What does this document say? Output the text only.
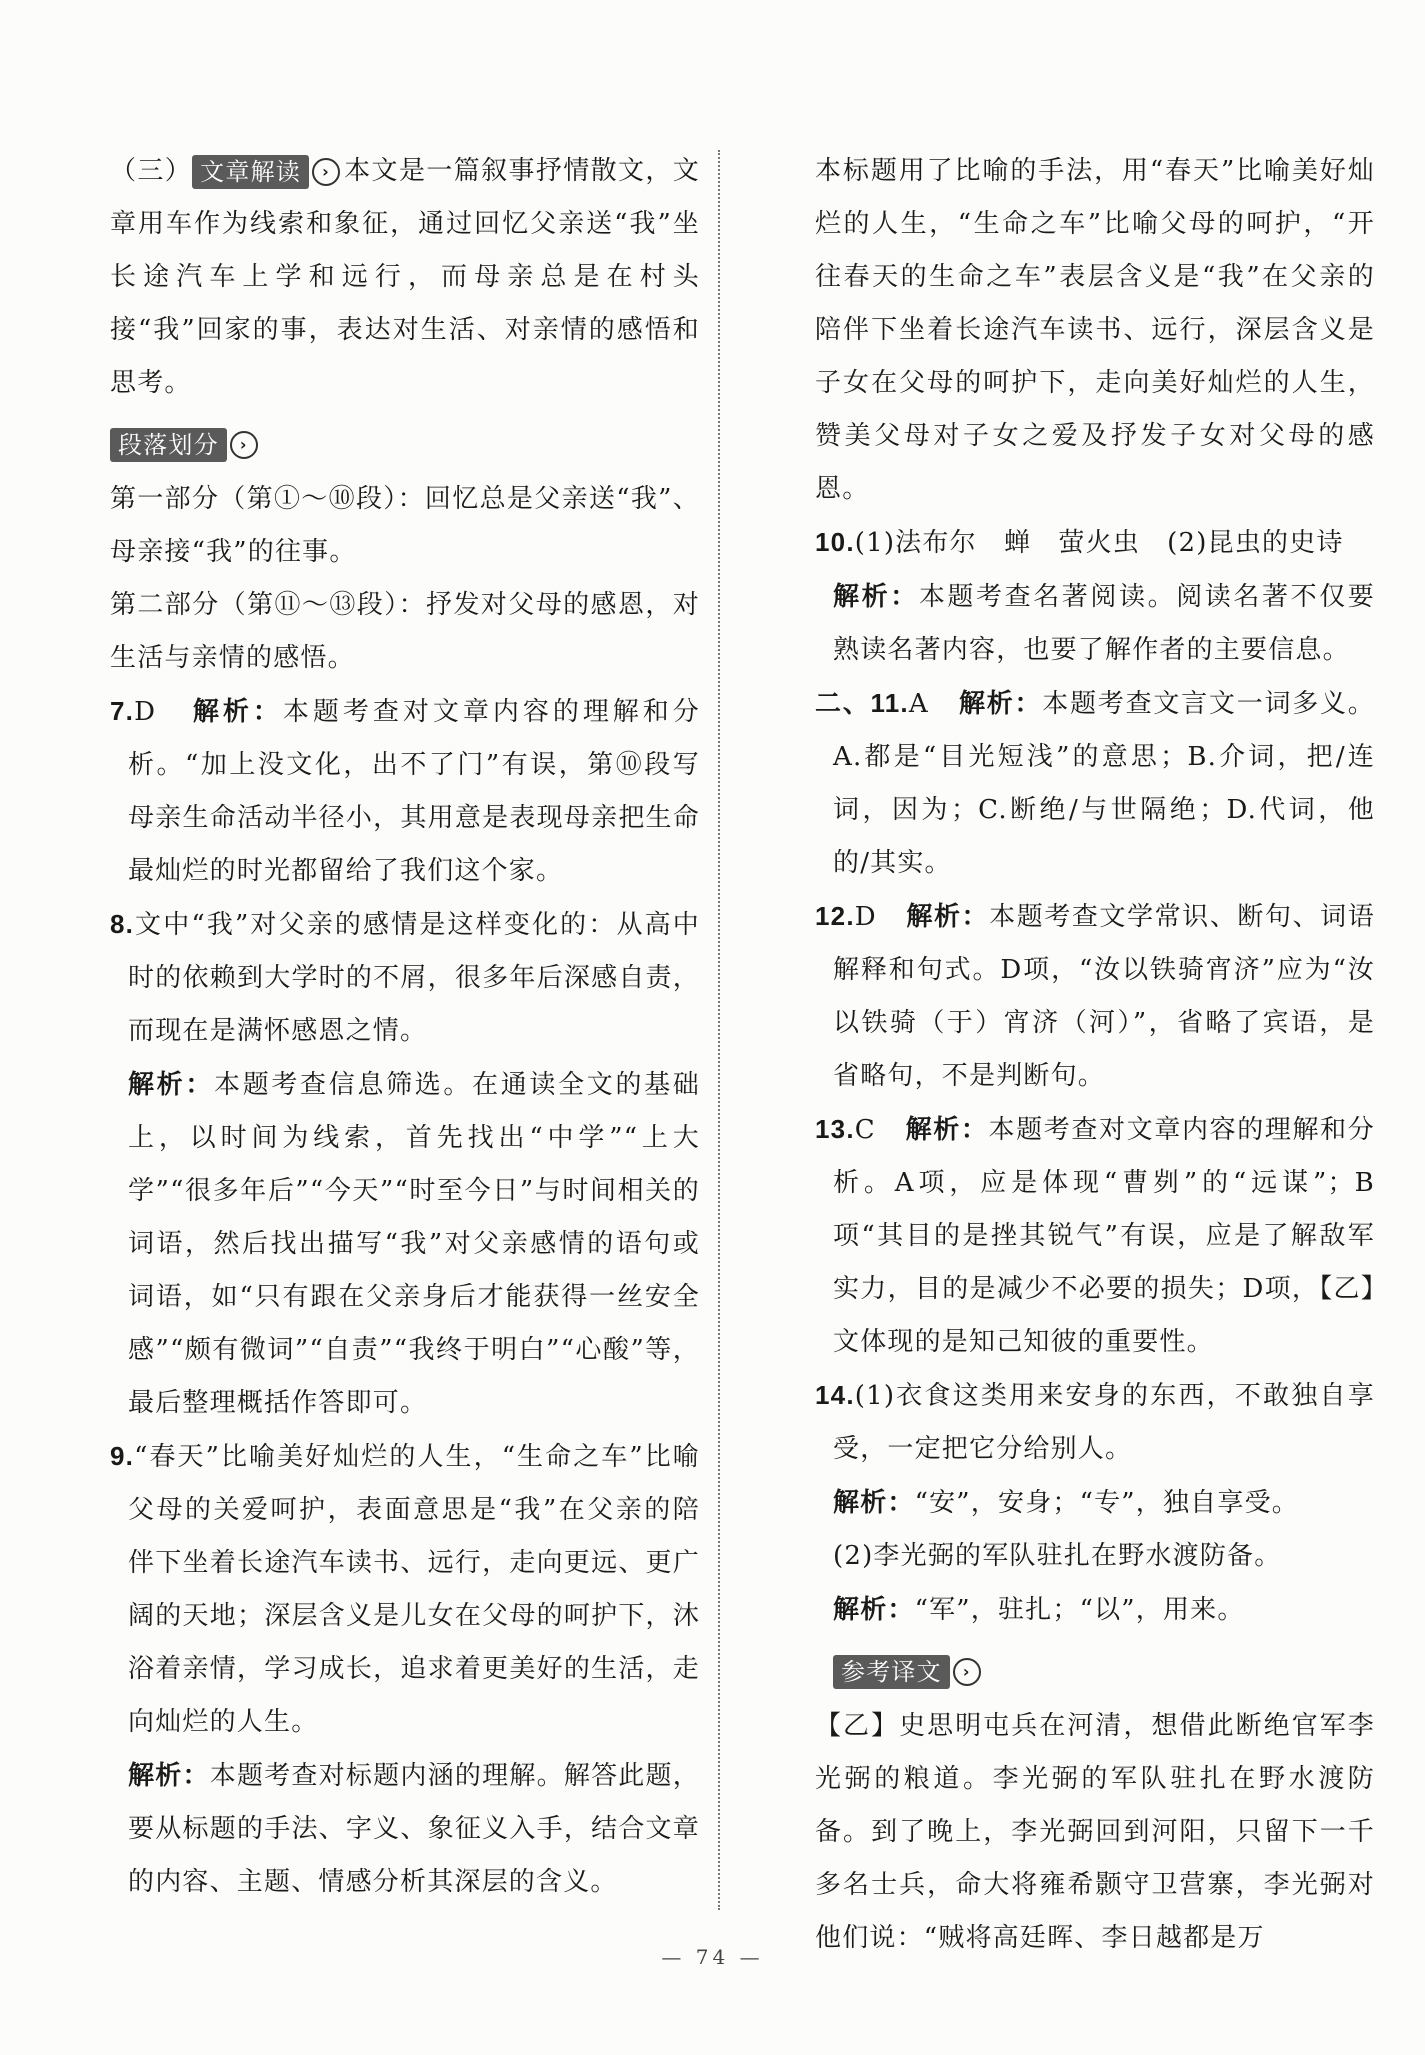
（三） 文章解读 › 本文是一篇叙事抒情散文，文章用车作为线索和象征，通过回忆父亲送“我”坐长途汽车上学和远行，而母亲总是在村头接“我”回家的事，表达对生活、对亲情的感悟和思考。

段落划分 ›

第一部分（第①～⑩段）：回忆总是父亲送“我”、母亲接“我”的往事。

第二部分（第⑪～⑬段）：抒发对父母的感恩，对生活与亲情的感悟。

7.D 解析：本题考查对文章内容的理解和分析。“加上没文化，出不了门”有误，第⑩段写母亲生命活动半径小，其用意是表现母亲把生命最灿烂的时光都留给了我们这个家。

8.文中“我”对父亲的感情是这样变化的：从高中时的依赖到大学时的不屑，很多年后深感自责，而现在是满怀感恩之情。

解析：本题考查信息筛选。在通读全文的基础上，以时间为线索，首先找出“中学”“上大学”“很多年后”“今天”“时至今日”与时间相关的词语，然后找出描写“我”对父亲感情的语句或词语，如“只有跟在父亲身后才能获得一丝安全感”“颇有微词”“自责”“我终于明白”“心酸”等，最后整理概括作答即可。

9.“春天”比喻美好灿烂的人生，“生命之车”比喻父母的关爱呵护，表面意思是“我”在父亲的陪伴下坐着长途汽车读书、远行，走向更远、更广阔的天地；深层含义是儿女在父母的呵护下，沐浴着亲情，学习成长，追求着更美好的生活，走向灿烂的人生。

解析：本题考查对标题内涵的理解。解答此题，要从标题的手法、字义、象征义入手，结合文章的内容、主题、情感分析其深层的含义。

本标题用了比喻的手法，用“春天”比喻美好灿烂的人生，“生命之车”比喻父母的呵护，“开往春天的生命之车”表层含义是“我”在父亲的陪伴下坐着长途汽车读书、远行，深层含义是子女在父母的呵护下，走向美好灿烂的人生，赞美父母对子女之爱及抒发子女对父母的感恩。

10.(1)法布尔　蝉　萤火虫　(2)昆虫的史诗

解析：本题考查名著阅读。阅读名著不仅要熟读名著内容，也要了解作者的主要信息。

二、11.A 解析：本题考查文言文一词多义。A.都是“目光短浅”的意思；B.介词，把/连词，因为；C.断绝/与世隔绝；D.代词，他的/其实。

12.D 解析：本题考查文学常识、断句、词语解释和句式。D项，“汝以铁骑宵济”应为“汝以铁骑（于）宵济（河）”，省略了宾语，是省略句，不是判断句。

13.C 解析：本题考查对文章内容的理解和分析。A项，应是体现“曹刿”的“远谋”；B项“其目的是挫其锐气”有误，应是了解敌军实力，目的是减少不必要的损失；D项，【乙】文体现的是知己知彼的重要性。

14.(1)衣食这类用来安身的东西，不敢独自享受，一定把它分给别人。

解析：“安”，安身；“专”，独自享受。

(2)李光弼的军队驻扎在野水渡防备。

解析：“军”，驻扎；“以”，用来。

参考译文 ›

【乙】史思明屯兵在河清，想借此断绝官军李光弼的粮道。李光弼的军队驻扎在野水渡防备。到了晚上，李光弼回到河阳，只留下一千多名士兵，命大将雍希颢守卫营寨，李光弼对他们说：“贼将高廷晖、李日越都是万

— 74 —
